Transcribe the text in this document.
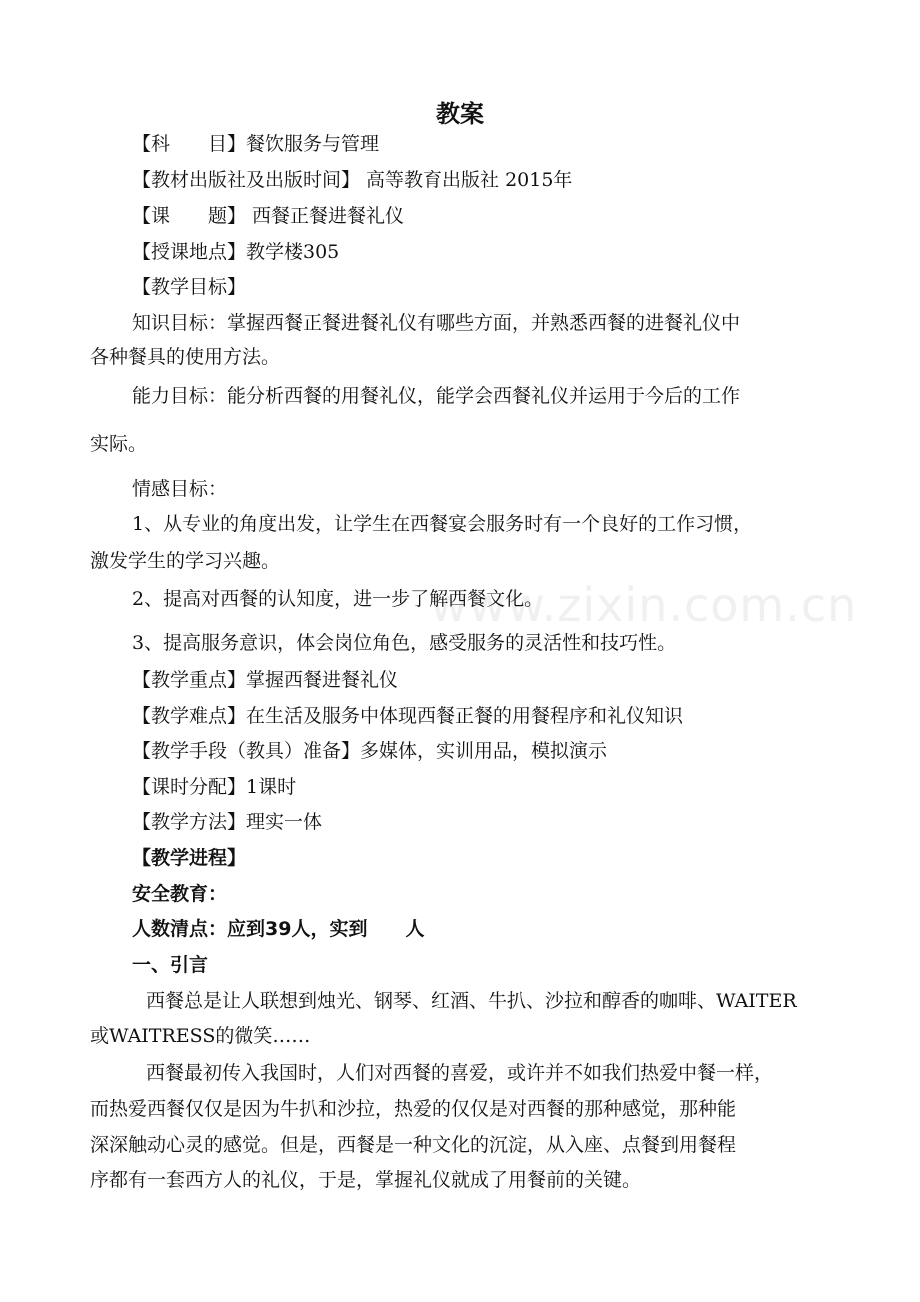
www.zixin.com.cn
教案
【科　　目】餐饮服务与管理
【教材出版社及出版时间】 高等教育出版社 2015年
【课　　题】 西餐正餐进餐礼仪
【授课地点】教学楼305
【教学目标】
知识目标：掌握西餐正餐进餐礼仪有哪些方面，并熟悉西餐的进餐礼仪中
各种餐具的使用方法。
能力目标：能分析西餐的用餐礼仪，能学会西餐礼仪并运用于今后的工作
实际。
情感目标：
1、从专业的角度出发，让学生在西餐宴会服务时有一个良好的工作习惯，
激发学生的学习兴趣。
2、提高对西餐的认知度，进一步了解西餐文化。
3、提高服务意识，体会岗位角色，感受服务的灵活性和技巧性。
【教学重点】掌握西餐进餐礼仪
【教学难点】在生活及服务中体现西餐正餐的用餐程序和礼仪知识
【教学手段（教具）准备】多媒体，实训用品，模拟演示
【课时分配】1课时
【教学方法】理实一体
【教学进程】
安全教育：
人数清点：应到39人，实到　　人
一、引言
西餐总是让人联想到烛光、钢琴、红酒、牛扒、沙拉和醇香的咖啡、WAITER
或WAITRESS的微笑……
西餐最初传入我国时，人们对西餐的喜爱，或许并不如我们热爱中餐一样，
而热爱西餐仅仅是因为牛扒和沙拉，热爱的仅仅是对西餐的那种感觉，那种能
深深触动心灵的感觉。但是，西餐是一种文化的沉淀，从入座、点餐到用餐程
序都有一套西方人的礼仪，于是，掌握礼仪就成了用餐前的关键。
